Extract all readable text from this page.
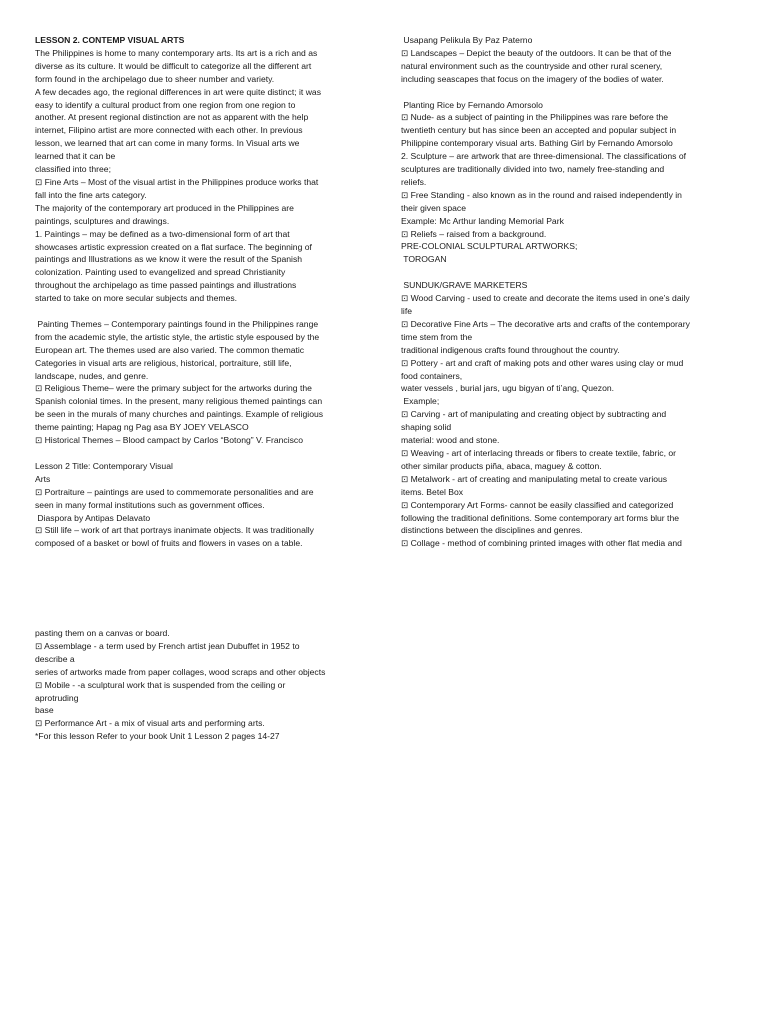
LESSON 2. CONTEMP VISUAL ARTS

The Philippines is home to many contemporary arts. Its art is a rich and as

diverse as its culture. It would be difficult to categorize all the different art

form found in the archipelago due to sheer number and variety.

A few decades ago, the regional differences in art were quite distinct; it was

easy to identify a cultural product from one region from one region to

another. At present regional distinction are not as apparent with the help

internet, Filipino artist are more connected with each other. In previous

lesson, we learned that art can come in many forms. In Visual arts we

learned that it can be

classified into three;

⊡ Fine Arts – Most of the visual artist in the Philippines produce works that

fall into the fine arts category.

The majority of the contemporary art produced in the Philippines are

paintings, sculptures and drawings.

1. Paintings – may be defined as a two-dimensional form of art that

showcases artistic expression created on a flat surface. The beginning of

paintings and Illustrations as we know it were the result of the Spanish

colonization. Painting used to evangelized and spread Christianity

throughout the archipelago as time passed paintings and illustrations

started to take on more secular subjects and themes.

Painting Themes – Contemporary paintings found in the Philippines range

from the academic style, the artistic style, the artistic style espoused by the

European art. The themes used are also varied. The common thematic

Categories in visual arts are religious, historical, portraiture, still life,

landscape, nudes, and genre.

⊡ Religious Theme– were the primary subject for the artworks during the

Spanish colonial times. In the present, many religious themed paintings can

be seen in the murals of many churches and paintings. Example of religious

theme painting; Hapag ng Pag asa BY JOEY VELASCO

⊡ Historical Themes – Blood campact by Carlos “Botong” V. Francisco

Lesson 2 Title: Contemporary Visual

Arts

⊡ Portraiture – paintings are used to commemorate personalities and are

seen in many formal institutions such as government offices.

Diaspora by Antipas Delavato

⊡ Still life – work of art that portrays inanimate objects. It was traditionally

composed of a basket or bowl of fruits and flowers in vases on a table.

Usapang Pelikula By Paz Paterno

⊡ Landscapes – Depict the beauty of the outdoors. It can be that of the

natural environment such as the countryside and other rural scenery,

including seascapes that focus on the imagery of the bodies of water.

Planting Rice by Fernando Amorsolo

⊡ Nude- as a subject of painting in the Philippines was rare before the

twentieth century but has since been an accepted and popular subject in

Philippine contemporary visual arts. Bathing Girl by Fernando Amorsolo

2. Sculpture – are artwork that are three-dimensional. The classifications of

sculptures are traditionally divided into two, namely free-standing and

reliefs.

⊡ Free Standing - also known as in the round and raised independently in

their given space

Example: Mc Arthur landing Memorial Park

⊡ Reliefs – raised from a background.

PRE-COLONIAL SCULPTURAL ARTWORKS;

TOROGAN

SUNDUK/GRAVE MARKETERS

⊡ Wood Carving - used to create and decorate the items used in one’s daily

life

⊡ Decorative Fine Arts – The decorative arts and crafts of the contemporary

time stem from the

traditional indigenous crafts found throughout the country.

⊡ Pottery - art and craft of making pots and other wares using clay or mud

food containers,

water vessels , burial jars, ugu bigyan of ti’ang, Quezon.

Example;

⊡ Carving - art of manipulating and creating object by subtracting and

shaping solid

material: wood and stone.

⊡ Weaving - art of interlacing threads or fibers to create textile, fabric, or

other similar products piña, abaca, maguey & cotton.

⊡ Metalwork - art of creating and manipulating metal to create various

items. Betel Box

⊡ Contemporary Art Forms- cannot be easily classified and categorized

following the traditional definitions. Some contemporary art forms blur the

distinctions between the disciplines and genres.

⊡ Collage - method of combining printed images with other flat media and

pasting them on a canvas or board.

⊡ Assemblage - a term used by French artist jean Dubuffet in 1952 to

describe a

series of artworks made from paper collages, wood scraps and other objects

⊡ Mobile - -a sculptural work that is suspended from the ceiling or

aprotruding

base

⊡ Performance Art - a mix of visual arts and performing arts.

*For this lesson Refer to your book Unit 1 Lesson 2 pages 14-27
